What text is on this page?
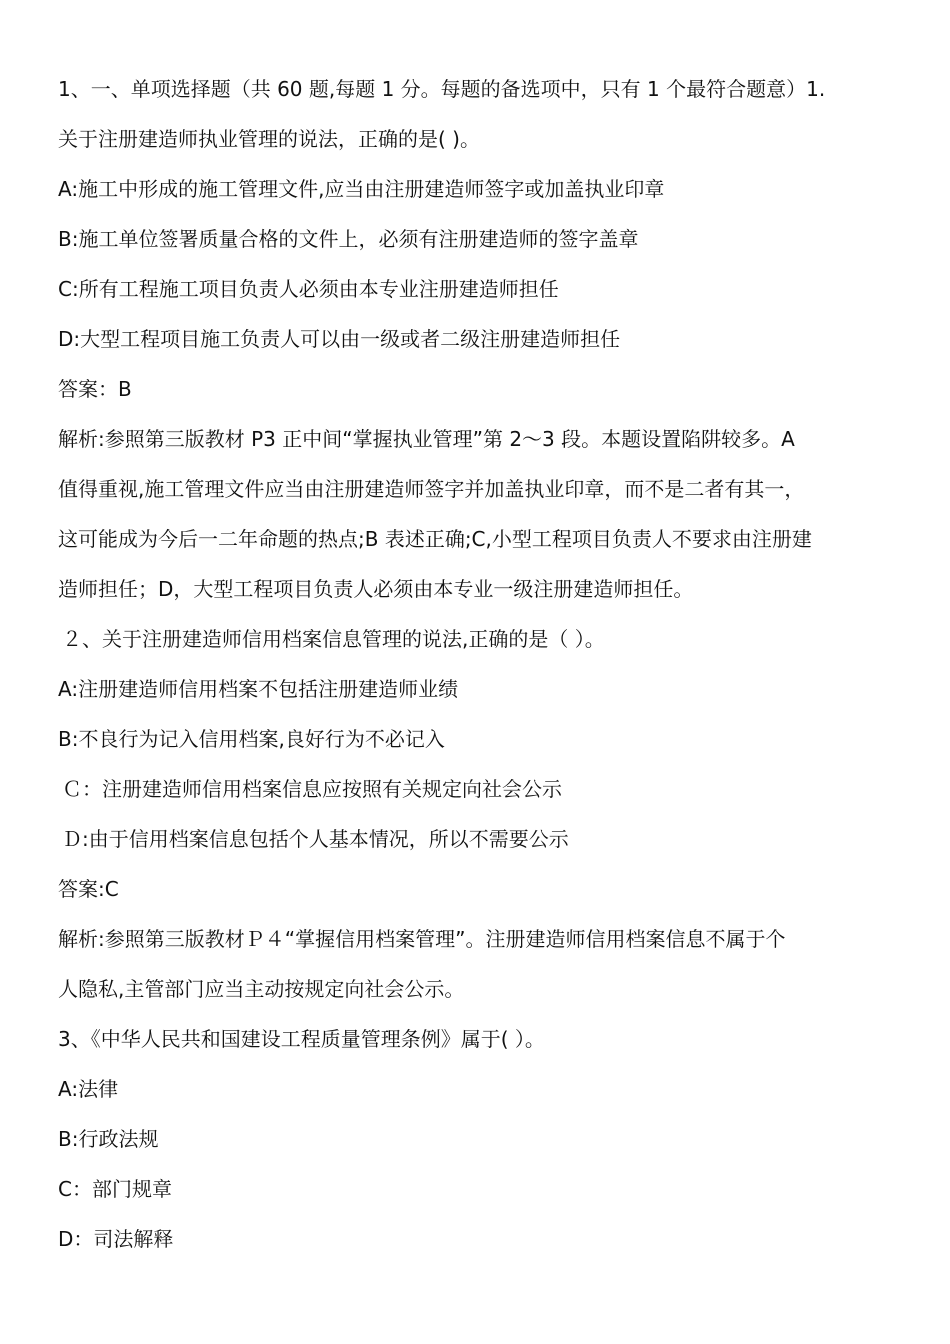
1、一、单项选择题（共 60 题,每题 1 分。每题的备选项中，只有 1 个最符合题意）1.

关于注册建造师执业管理的说法，正确的是( )。

A:施工中形成的施工管理文件,应当由注册建造师签字或加盖执业印章

B:施工单位签署质量合格的文件上，必须有注册建造师的签字盖章

C:所有工程施工项目负责人必须由本专业注册建造师担任

D:大型工程项目施工负责人可以由一级或者二级注册建造师担任

答案：B

解析:参照第三版教材 P3 正中间“掌握执业管理”第 2～3 段。本题设置陷阱较多。A

值得重视,施工管理文件应当由注册建造师签字并加盖执业印章，而不是二者有其一，

这可能成为今后一二年命题的热点;B 表述正确;C,小型工程项目负责人不要求由注册建

造师担任；D，大型工程项目负责人必须由本专业一级注册建造师担任。

２、关于注册建造师信用档案信息管理的说法,正确的是（ ）。

A:注册建造师信用档案不包括注册建造师业绩

B:不良行为记入信用档案,良好行为不必记入

Ｃ：注册建造师信用档案信息应按照有关规定向社会公示

Ｄ:由于信用档案信息包括个人基本情况，所以不需要公示

答案:C

解析:参照第三版教材Ｐ４“掌握信用档案管理”。注册建造师信用档案信息不属于个

人隐私,主管部门应当主动按规定向社会公示。

3、《中华人民共和国建设工程质量管理条例》属于( ）。

A:法律

B:行政法规

C：部门规章

D：司法解释
